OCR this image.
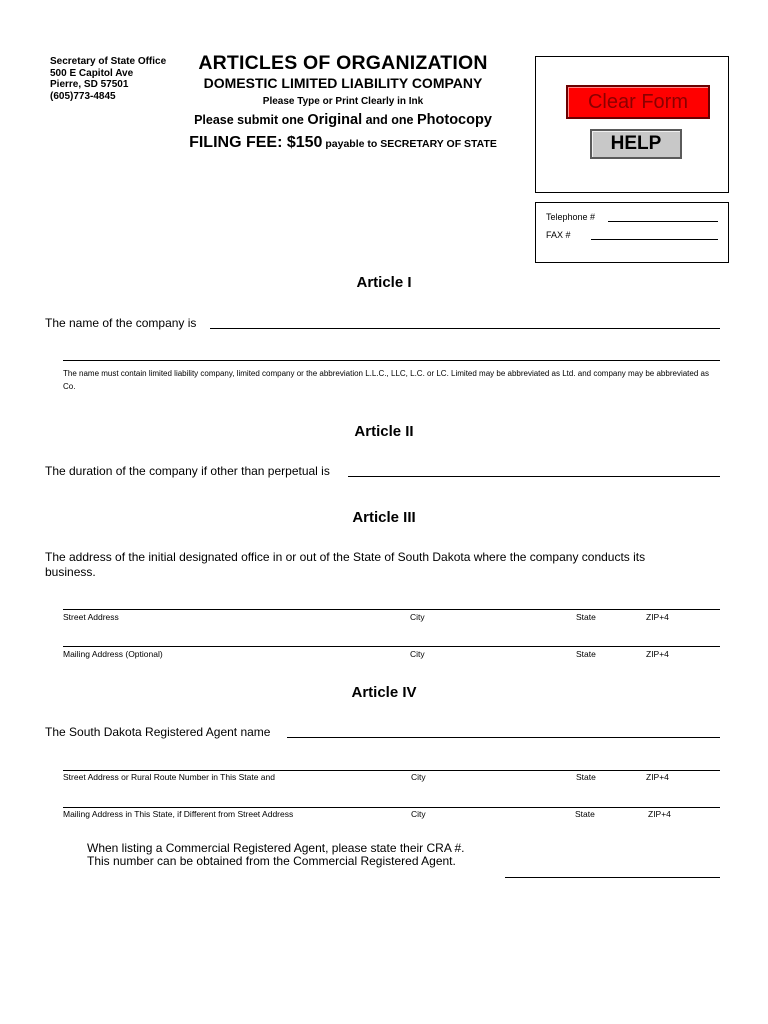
Secretary of State Office
500 E Capitol Ave
Pierre, SD 57501
(605)773-4845
ARTICLES OF ORGANIZATION
DOMESTIC LIMITED LIABILITY COMPANY
Please Type or Print Clearly in Ink
Please submit one Original and one Photocopy
FILING FEE: $150 payable to SECRETARY OF STATE
Clear Form
HELP
Telephone #
FAX #
Article I
The name of the company is
The name must contain limited liability company, limited company or the abbreviation L.L.C., LLC, L.C. or LC. Limited may be abbreviated as Ltd. and company may be abbreviated as Co.
Article II
The duration of the company if other than perpetual is
Article III
The address of the initial designated office in or out of the State of South Dakota where the company conducts its
business.
Street Address	City	State	ZIP+4
Mailing Address (Optional)	City	State	ZIP+4
Article IV
The South Dakota Registered Agent name
Street Address or Rural Route Number in This State and	City	State	ZIP+4
Mailing Address in This State, if Different from Street Address	City	State	ZIP+4
When listing a Commercial Registered Agent, please state their CRA #.
This number can be obtained from the Commercial Registered Agent.
